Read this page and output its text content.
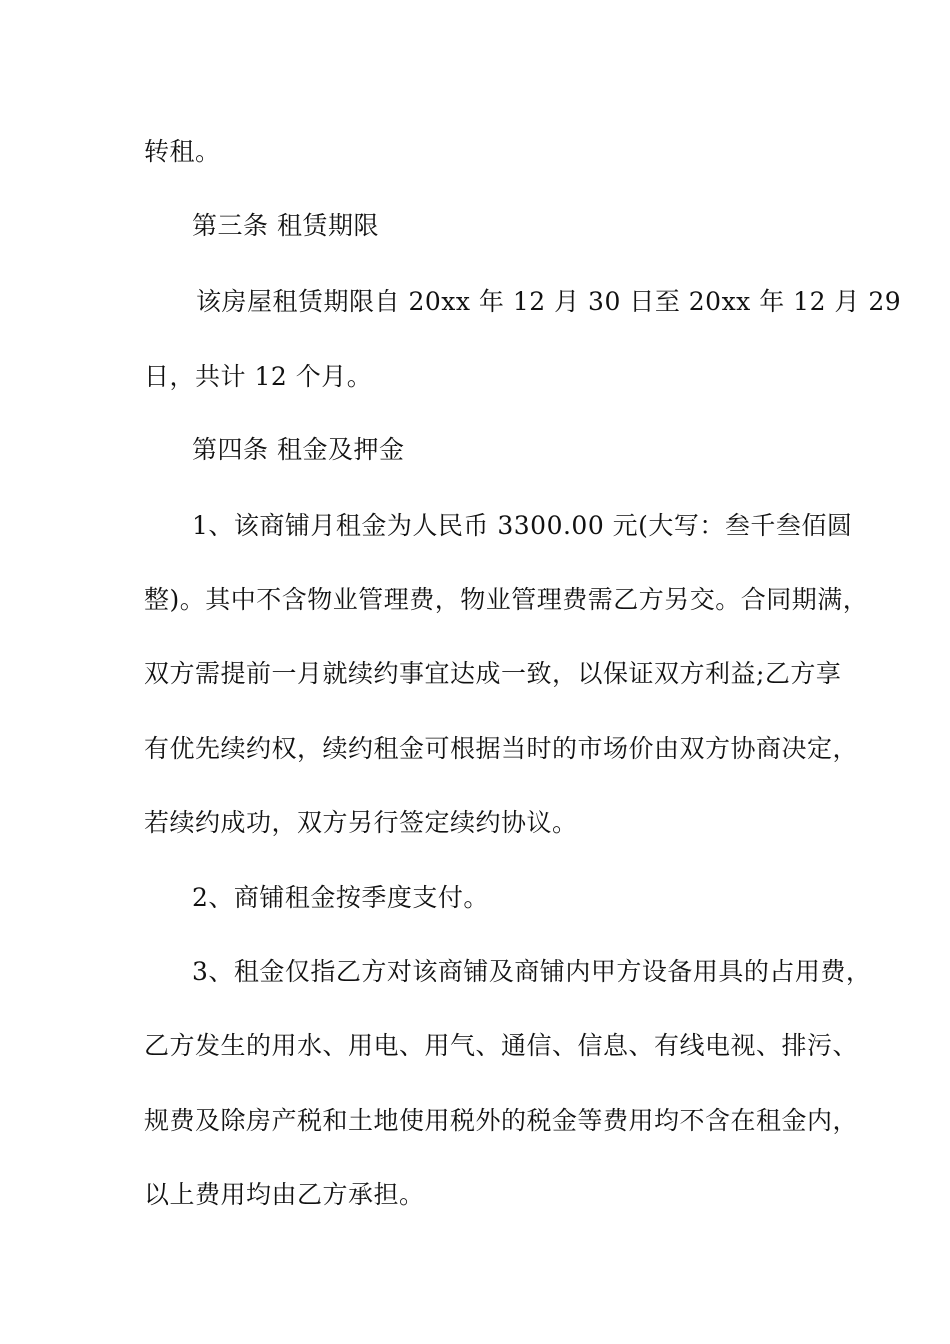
转租。
第三条 租赁期限
该房屋租赁期限自 20xx 年 12 月 30 日至 20xx 年 12 月 29
日，共计 12 个月。
第四条 租金及押金
1、该商铺月租金为人民币 3300.00 元(大写：叁千叁佰圆
整)。其中不含物业管理费，物业管理费需乙方另交。合同期满，
双方需提前一月就续约事宜达成一致，以保证双方利益;乙方享
有优先续约权，续约租金可根据当时的市场价由双方协商决定，
若续约成功，双方另行签定续约协议。
2、商铺租金按季度支付。
3、租金仅指乙方对该商铺及商铺内甲方设备用具的占用费，
乙方发生的用水、用电、用气、通信、信息、有线电视、排污、
规费及除房产税和土地使用税外的税金等费用均不含在租金内，
以上费用均由乙方承担。
